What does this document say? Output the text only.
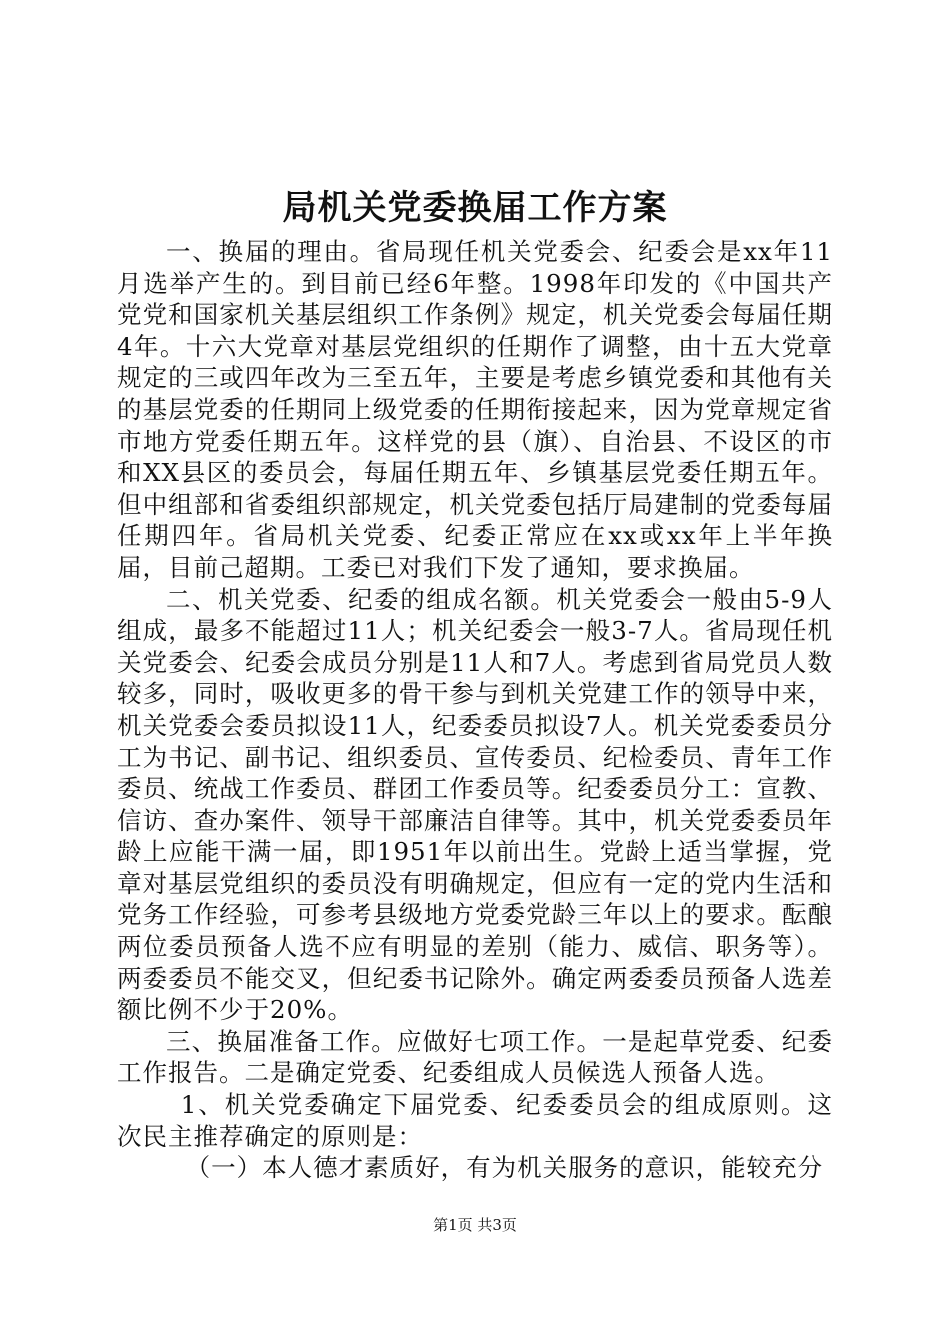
局机关党委换届工作方案

一、换届的理由。省局现任机关党委会、纪委会是xx年11月选举产生的。到目前已经6年整。1998年印发的《中国共产党党和国家机关基层组织工作条例》规定，机关党委会每届任期4年。十六大党章对基层党组织的任期作了调整，由十五大党章规定的三或四年改为三至五年，主要是考虑乡镇党委和其他有关的基层党委的任期同上级党委的任期衔接起来，因为党章规定省市地方党委任期五年。这样党的县（旗）、自治县、不设区的市和XX县区的委员会，每届任期五年、乡镇基层党委任期五年。但中组部和省委组织部规定，机关党委包括厅局建制的党委每届任期四年。省局机关党委、纪委正常应在xx或xx年上半年换届，目前己超期。工委已对我们下发了通知，要求换届。

二、机关党委、纪委的组成名额。机关党委会一般由5-9人组成，最多不能超过11人；机关纪委会一般3-7人。省局现任机关党委会、纪委会成员分别是11人和7人。考虑到省局党员人数较多，同时，吸收更多的骨干参与到机关党建工作的领导中来，机关党委会委员拟设11人，纪委委员拟设7人。机关党委委员分工为书记、副书记、组织委员、宣传委员、纪检委员、青年工作委员、统战工作委员、群团工作委员等。纪委委员分工：宣教、信访、查办案件、领导干部廉洁自律等。其中，机关党委委员年龄上应能干满一届，即1951年以前出生。党龄上适当掌握，党章对基层党组织的委员没有明确规定，但应有一定的党内生活和党务工作经验，可参考县级地方党委党龄三年以上的要求。酝酿两位委员预备人选不应有明显的差别（能力、威信、职务等）。两委委员不能交叉，但纪委书记除外。确定两委委员预备人选差额比例不少于20%。

三、换届准备工作。应做好七项工作。一是起草党委、纪委工作报告。二是确定党委、纪委组成人员候选人预备人选。

1、机关党委确定下届党委、纪委委员会的组成原则。这次民主推荐确定的原则是：

（一）本人德才素质好，有为机关服务的意识，能较充分

第1页 共3页
